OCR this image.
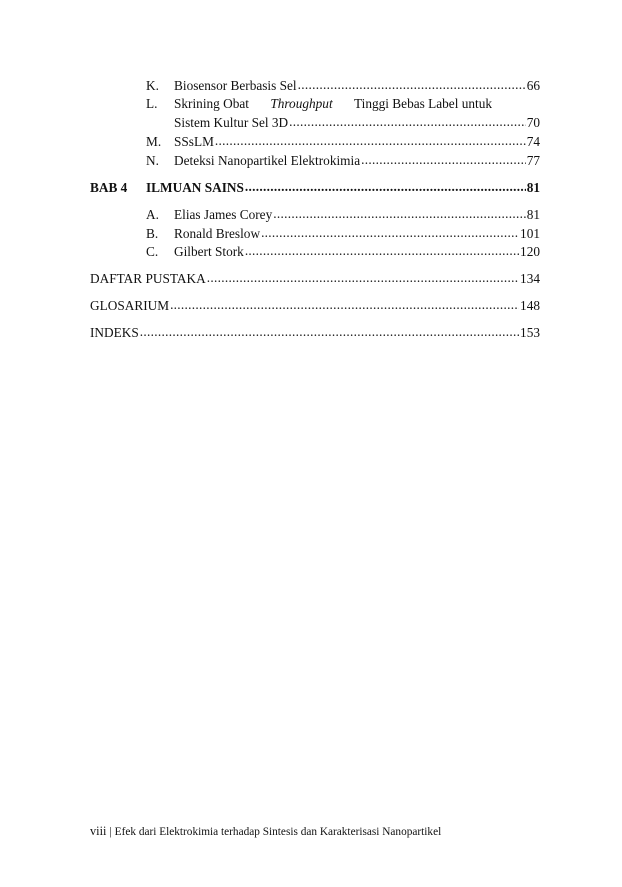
K. Biosensor Berbasis Sel .....	66
L. Skrining Obat Throughput Tinggi Bebas Label untuk
Sistem Kultur Sel 3D .....	70
M. SSsLM .....	74
N. Deteksi Nanopartikel Elektrokimia .....	77
BAB 4 ILMUAN SAINS .....	81
A. Elias James Corey .....	81
B. Ronald Breslow .....	101
C. Gilbert Stork .....	120
DAFTAR PUSTAKA .....	134
GLOSARIUM .....	148
INDEKS .....	153
viii | Efek dari Elektrokimia terhadap Sintesis dan Karakterisasi Nanopartikel
